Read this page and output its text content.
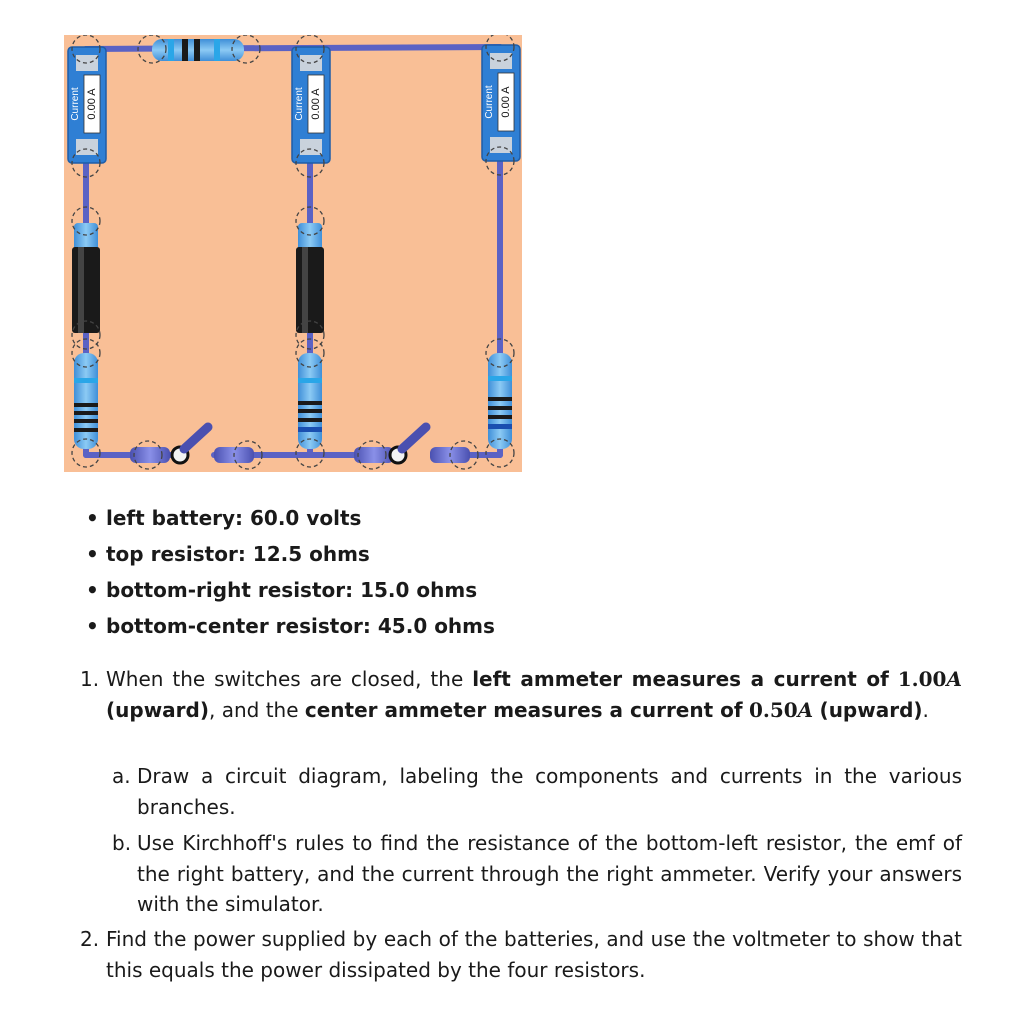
Current 0.00 A	Current 0.00 A	Current 0.00 A
• left battery: 60.0 volts
• top resistor: 12.5 ohms
• bottom-right resistor: 15.0 ohms
• bottom-center resistor: 45.0 ohms
1. When the switches are closed, the left ammeter measures a current of 1.00A (upward), and the center ammeter measures a current of 0.50A (upward).
a. Draw a circuit diagram, labeling the components and currents in the various branches.
b. Use Kirchhoff's rules to find the resistance of the bottom-left resistor, the emf of the right battery, and the current through the right ammeter. Verify your answers with the simulator.
2. Find the power supplied by each of the batteries, and use the voltmeter to show that this equals the power dissipated by the four resistors.
